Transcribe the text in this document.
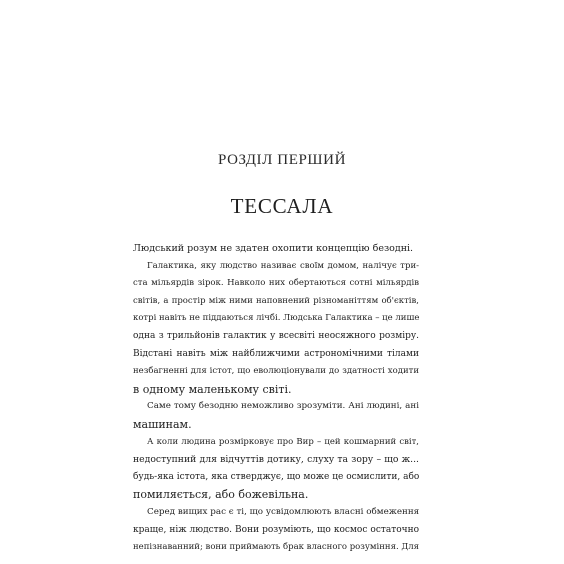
РОЗДІЛ ПЕРШИЙ
ТЕССАЛА
Людський розум не здатен охопити концепцію безодні.
Галактика, яку людство називає своїм домом, налічує три-
ста мільярдів зірок. Навколо них обертаються сотні мільярдів
світів, а простір між ними наповнений різноманіттям об'єктів,
котрі навіть не піддаються лічбі. Людська Галактика – це лише
одна з трильйонів галактик у всесвіті неосяжного розміру.
Відстані навіть між найближчими астрономічними тілами
незбагненні для істот, що еволюціонували до здатності ходити
в одному маленькому світі.
Саме тому безодню неможливо зрозуміти. Ані людині, ані
машинам.
А коли людина розмірковує про Вир – цей кошмарний світ,
недоступний для відчуттів дотику, слуху та зору – що ж...
будь-яка істота, яка стверджує, що може це осмислити, або
помиляється, або божевільна.
Серед вищих рас є ті, що усвідомлюють власні обмеження
краще, ніж людство. Вони розуміють, що космос остаточно
непізнаванний; вони приймають брак власного розуміння. Для
